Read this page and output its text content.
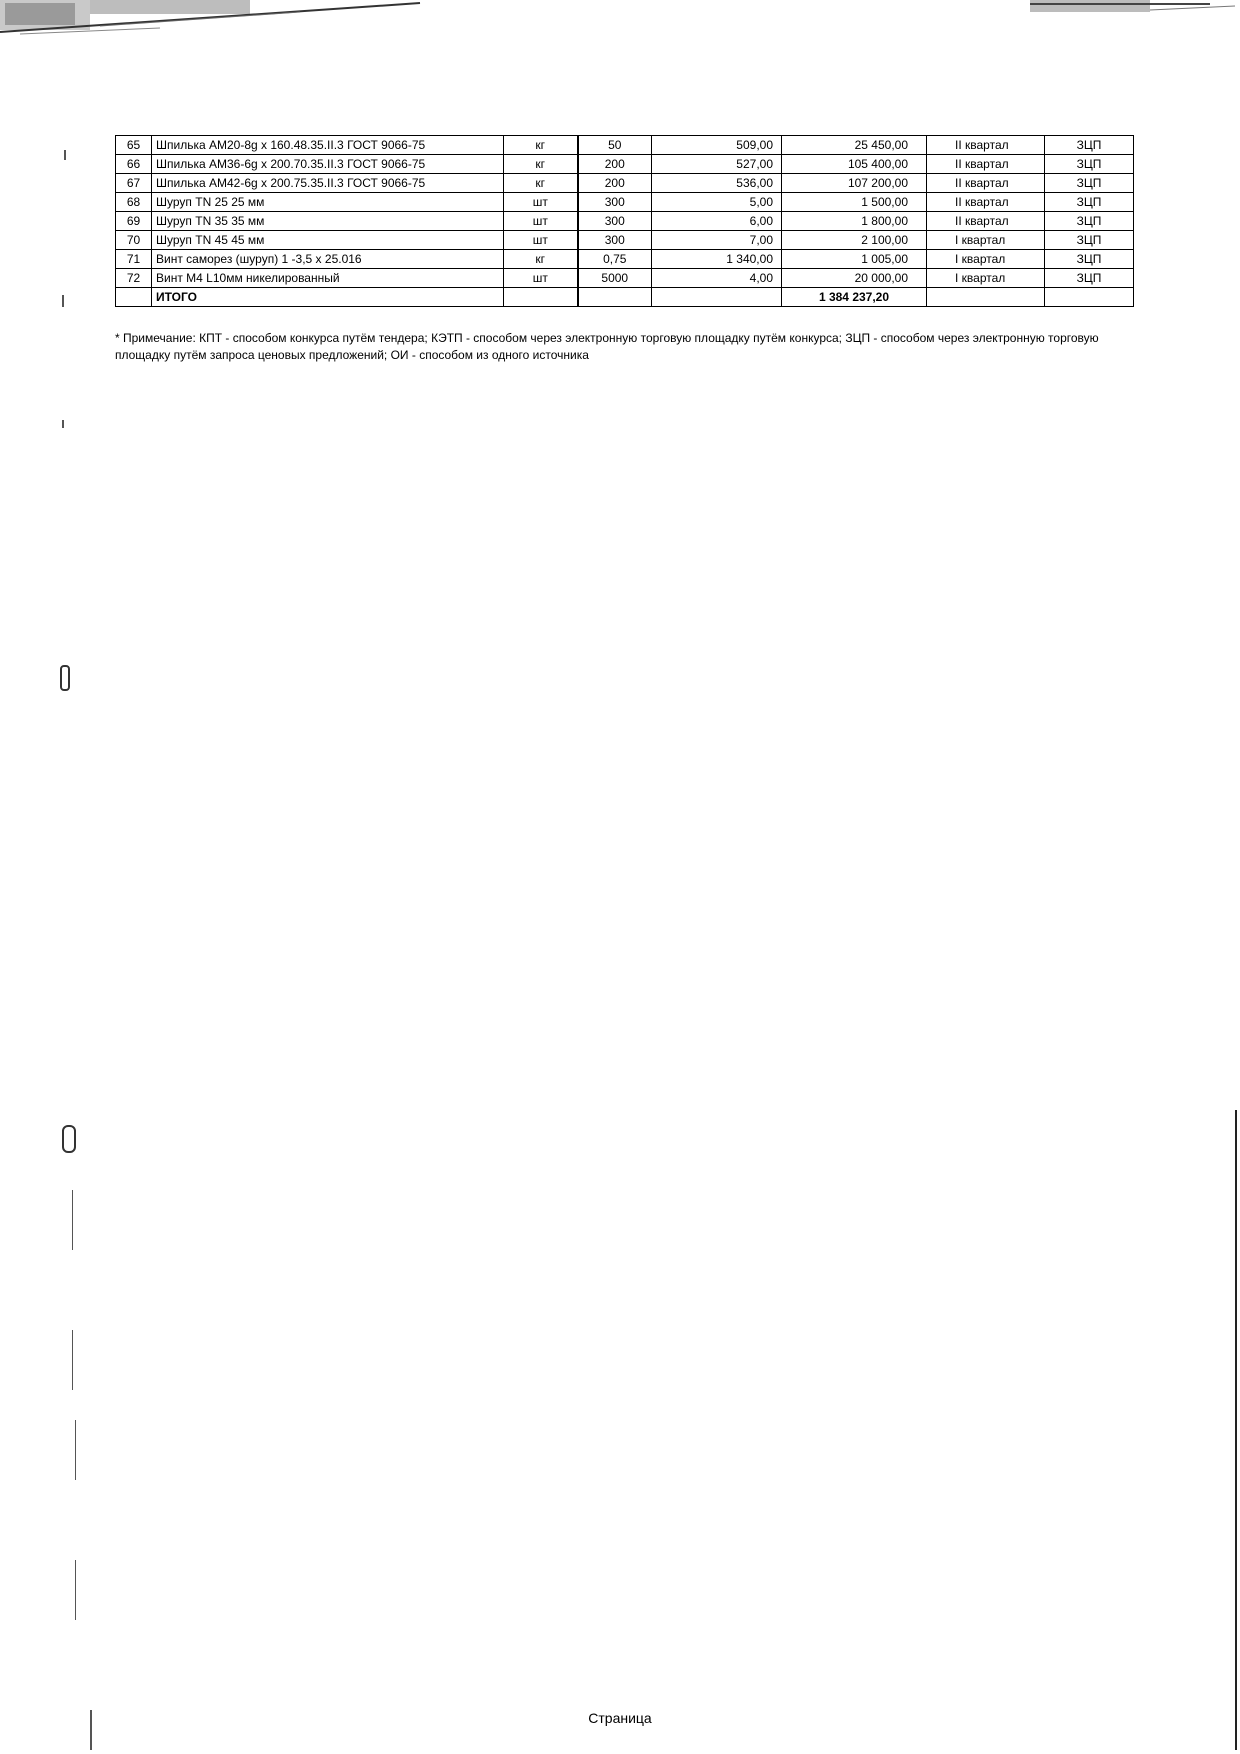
65	Шпилька АМ20-8g х 160.48.35.II.3 ГОСТ 9066-75	кг	50	509,00	25 450,00	II квартал	ЗЦП
66	Шпилька АМ36-6g х 200.70.35.II.3 ГОСТ 9066-75	кг	200	527,00	105 400,00	II квартал	ЗЦП
67	Шпилька АМ42-6g х 200.75.35.II.3 ГОСТ 9066-75	кг	200	536,00	107 200,00	II квартал	ЗЦП
68	Шуруп TN 25 25 мм	шт	300	5,00	1 500,00	II квартал	ЗЦП
69	Шуруп TN 35 35 мм	шт	300	6,00	1 800,00	II квартал	ЗЦП
70	Шуруп TN 45 45 мм	шт	300	7,00	2 100,00	I квартал	ЗЦП
71	Винт саморез (шуруп) 1 -3,5 х 25.016	кг	0,75	1 340,00	1 005,00	I квартал	ЗЦП
72	Винт М4 L10мм никелированный	шт	5000	4,00	20 000,00	I квартал	ЗЦП
	ИТОГО				1 384 237,20		
* Примечание: КПТ - способом конкурса путём тендера; КЭТП - способом через электронную торговую площадку путём конкурса; ЗЦП - способом через электронную торговую площадку путём запроса ценовых предложений; ОИ - способом из одного источника
Страница
